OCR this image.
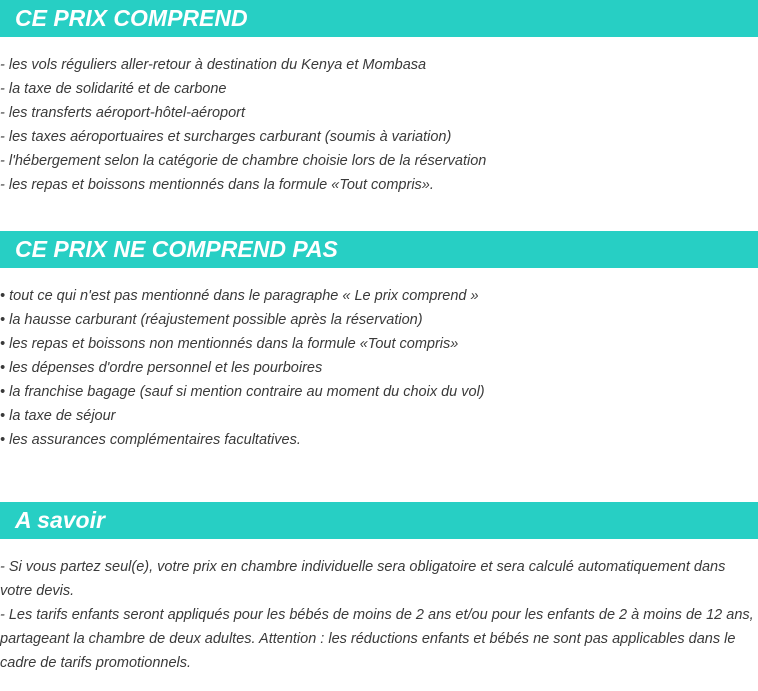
CE PRIX COMPREND
- les vols réguliers aller-retour à destination du Kenya et Mombasa
- la taxe de solidarité et de carbone
- les transferts aéroport-hôtel-aéroport
- les taxes aéroportuaires et surcharges carburant (soumis à variation)
- l'hébergement selon la catégorie de chambre choisie lors de la réservation
- les repas et boissons mentionnés dans la formule «Tout compris».
CE PRIX NE COMPREND PAS
• tout ce qui n'est pas mentionné dans le paragraphe « Le prix comprend »
• la hausse carburant (réajustement possible après la réservation)
• les repas et boissons non mentionnés dans la formule «Tout compris»
• les dépenses d'ordre personnel et les pourboires
• la franchise bagage (sauf si mention contraire au moment du choix du vol)
• la taxe de séjour
• les assurances complémentaires facultatives.
A savoir

- Si vous partez seul(e), votre prix en chambre individuelle sera obligatoire et sera calculé automatiquement dans votre devis.

- Les tarifs enfants seront appliqués pour les bébés de moins de 2 ans et/ou pour les enfants de 2 à moins de 12 ans, partageant la chambre de deux adultes. Attention : les réductions enfants et bébés ne sont pas applicables dans le cadre de tarifs promotionnels.
